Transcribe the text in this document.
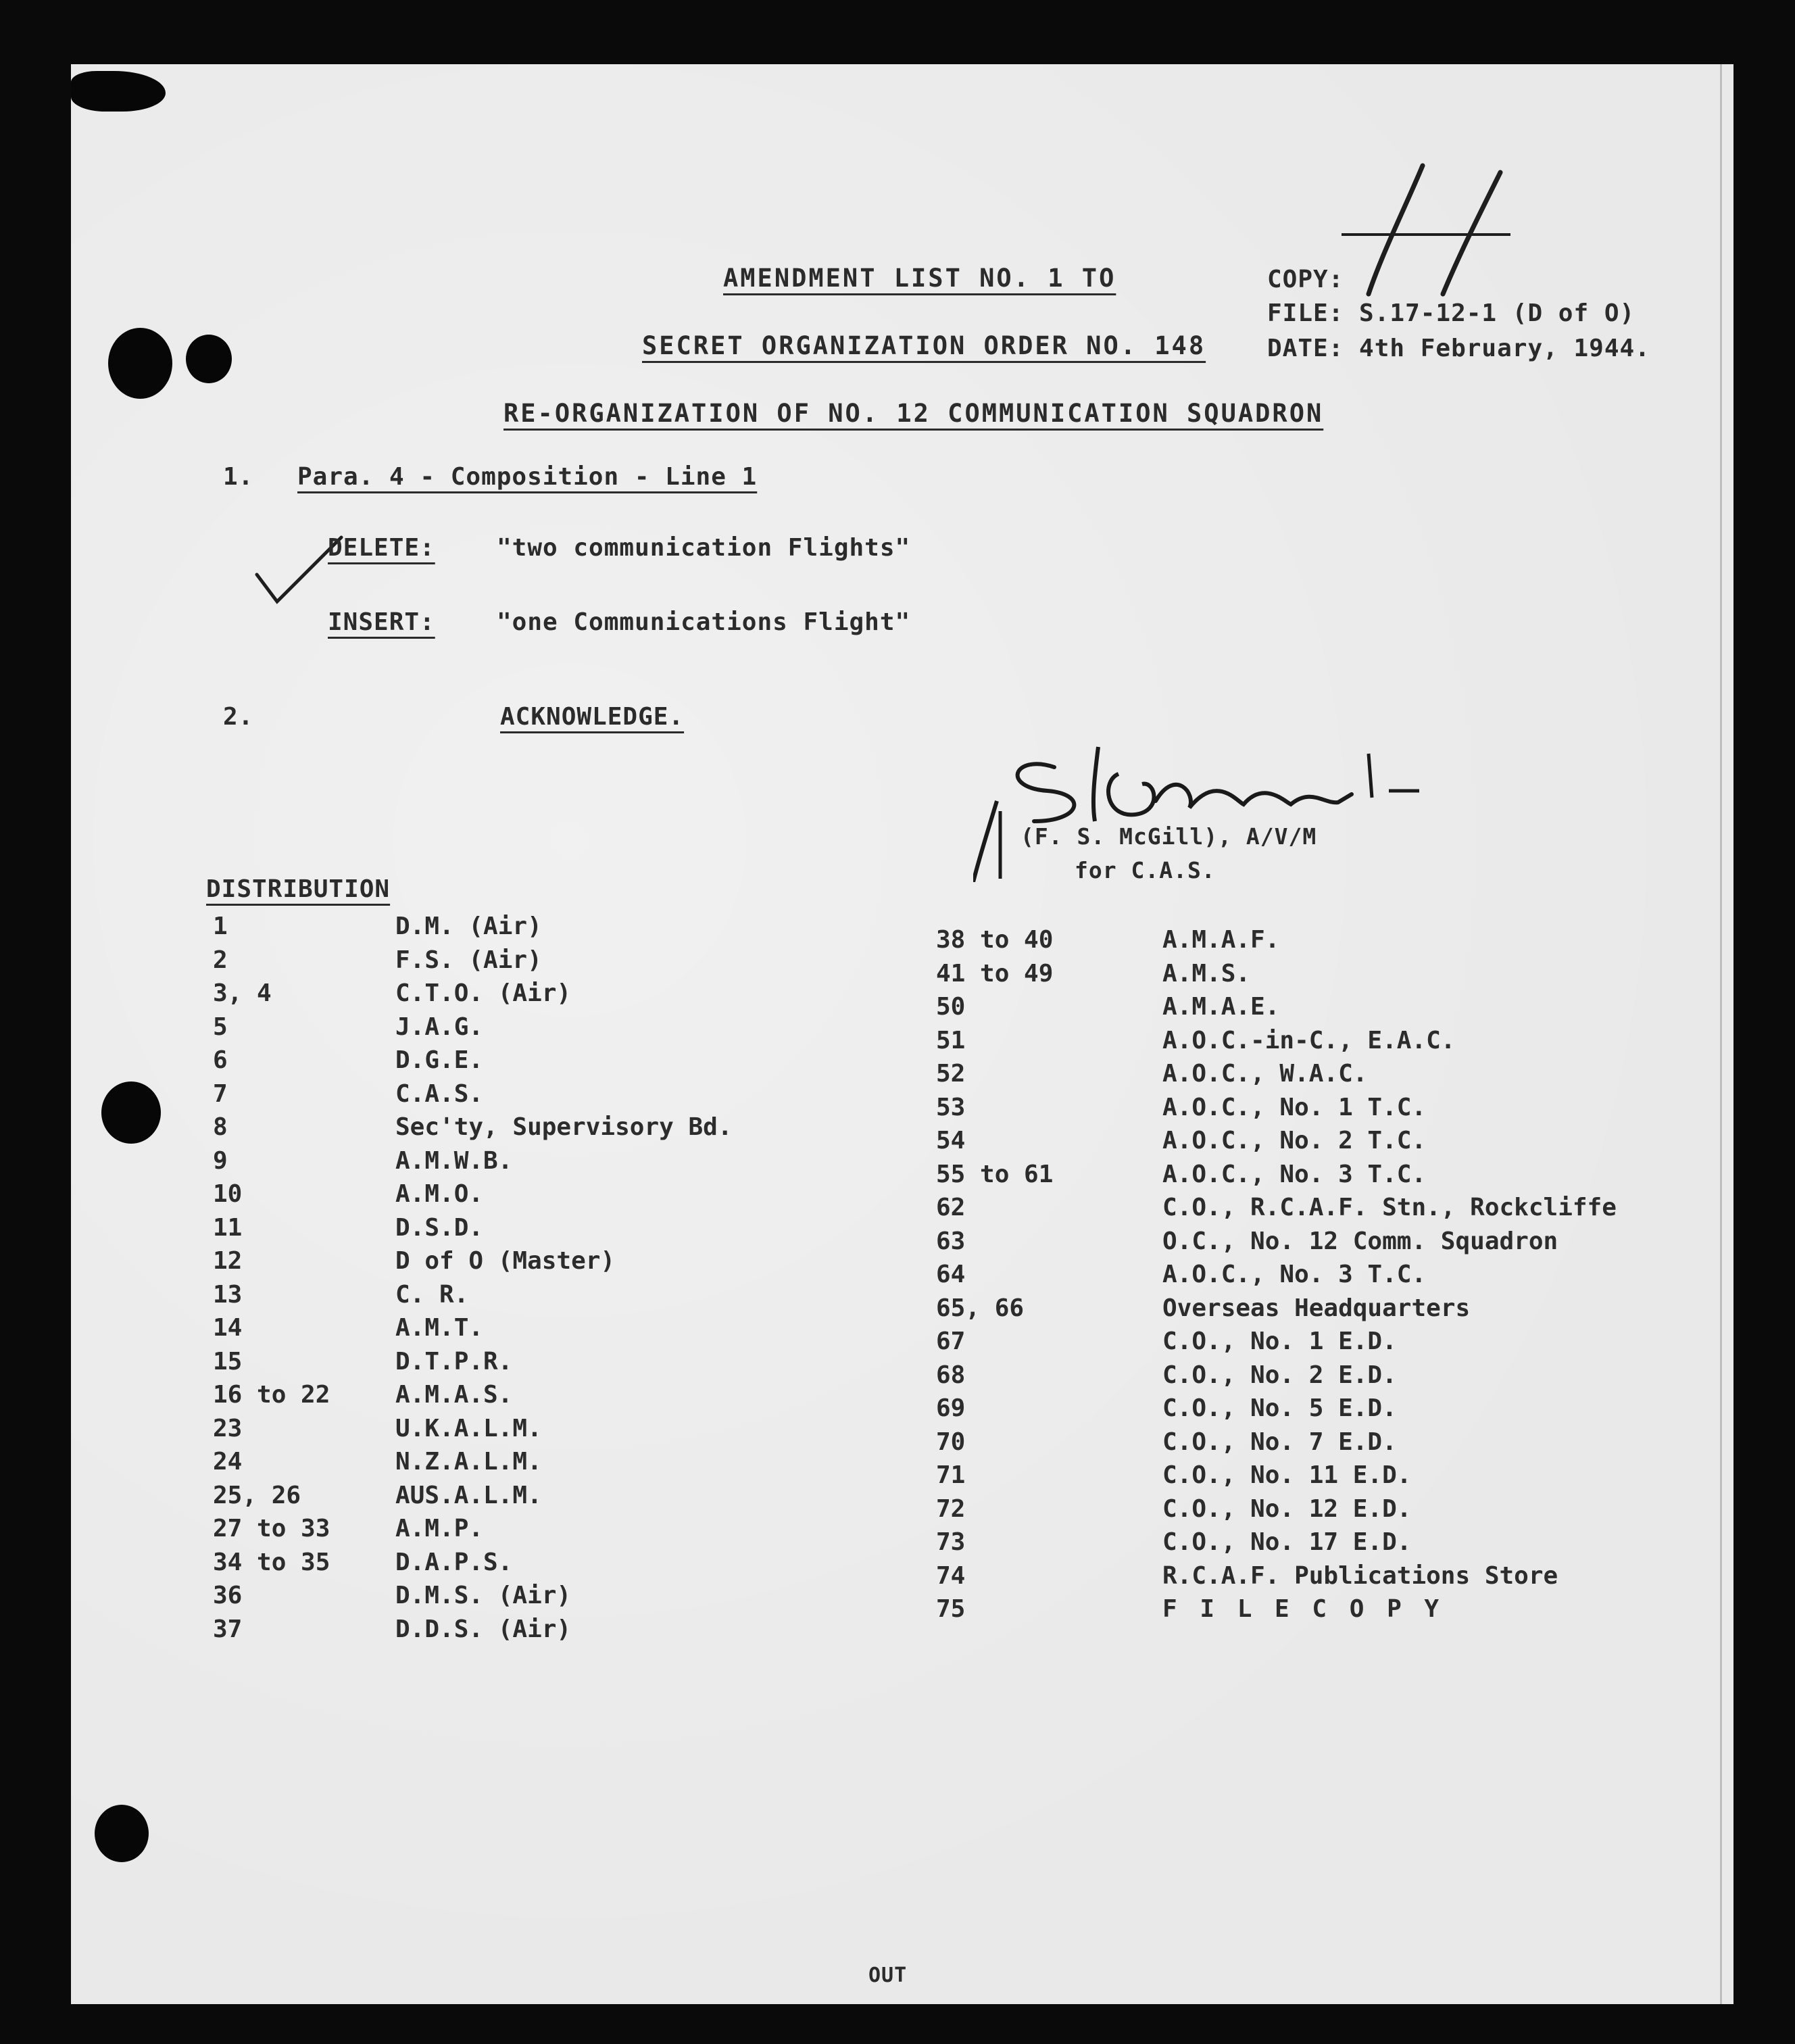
AMENDMENT LIST NO. 1 TO
SECRET ORGANIZATION ORDER NO. 148
RE-ORGANIZATION OF NO. 12 COMMUNICATION SQUADRON
COPY:
FILE: S.17-12-1 (D of O)
DATE: 4th February, 1944.
1. Para. 4 - Composition - Line 1
DELETE:	"two communication Flights"
INSERT:	"one Communications Flight"
2.	ACKNOWLEDGE.
(F. S. McGill), A/V/M
for C.A.S.
DISTRIBUTION
1	D.M. (Air)
2	F.S. (Air)
3, 4	C.T.O. (Air)
5	J.A.G.
6	D.G.E.
7	C.A.S.
8	Sec'ty, Supervisory Bd.
9	A.M.W.B.
10	A.M.O.
11	D.S.D.
12	D of O (Master)
13	C. R.
14	A.M.T.
15	D.T.P.R.
16 to 22	A.M.A.S.
23	U.K.A.L.M.
24	N.Z.A.L.M.
25, 26	AUS.A.L.M.
27 to 33	A.M.P.
34 to 35	D.A.P.S.
36	D.M.S. (Air)
37	D.D.S. (Air)
38 to 40	A.M.A.F.
41 to 49	A.M.S.
50	A.M.A.E.
51	A.O.C.-in-C., E.A.C.
52	A.O.C., W.A.C.
53	A.O.C., No. 1 T.C.
54	A.O.C., No. 2 T.C.
55 to 61	A.O.C., No. 3 T.C.
62	C.O., R.C.A.F. Stn., Rockcliffe
63	O.C., No. 12 Comm. Squadron
64	A.O.C., No. 3 T.C.
65, 66	Overseas Headquarters
67	C.O., No. 1 E.D.
68	C.O., No. 2 E.D.
69	C.O., No. 5 E.D.
70	C.O., No. 7 E.D.
71	C.O., No. 11 E.D.
72	C.O., No. 12 E.D.
73	C.O., No. 17 E.D.
74	R.C.A.F. Publications Store
75	F I L E C O P Y
OUT
